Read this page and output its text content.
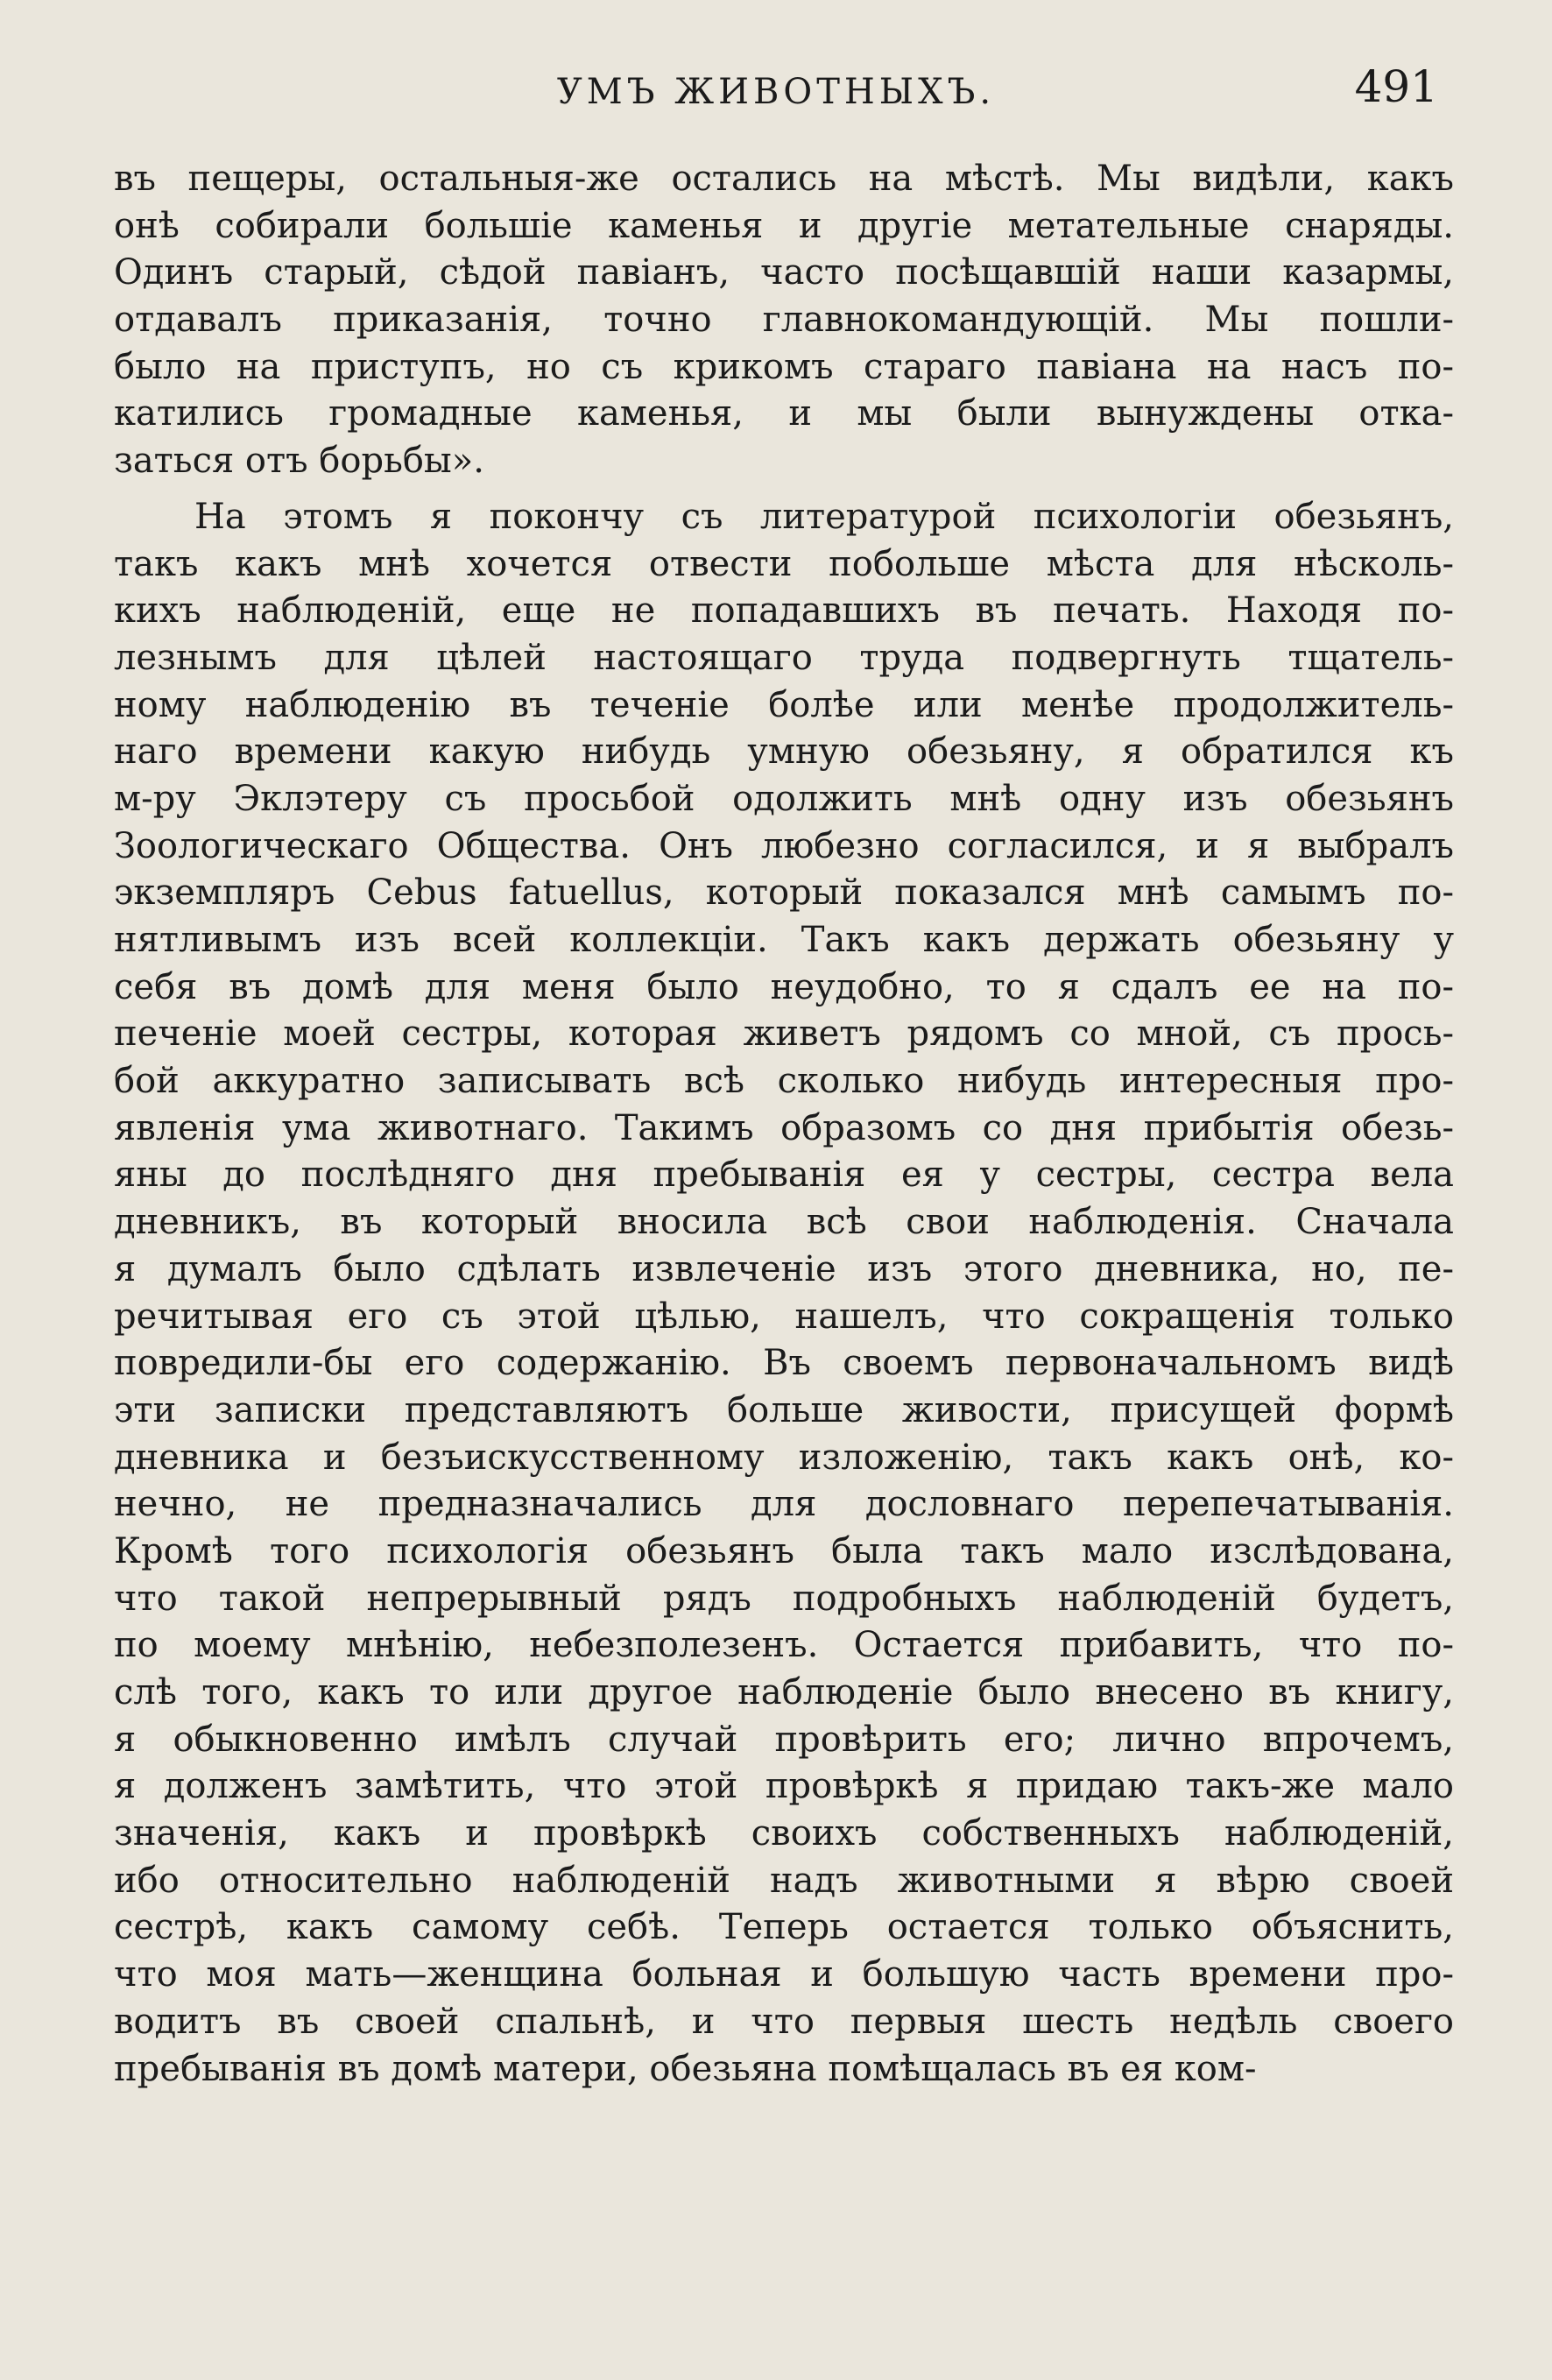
УМЪ ЖИВОТНЫХЪ.	491
въ пещеры, остальныя-же остались на мѣстѣ. Мы видѣли, какъ
онѣ собирали большіе каменья и другіе метательные снаряды.
Одинъ старый, сѣдой павіанъ, часто посѣщавшій наши казармы,
отдавалъ приказанія, точно главнокомандующій. Мы пошли-
было на приступъ, но съ крикомъ стараго павіана на насъ по-
катились громадные каменья, и мы были вынуждены отка-
заться отъ борьбы».
На этомъ я покончу съ литературой психологіи обезьянъ,
такъ какъ мнѣ хочется отвести побольше мѣста для нѣсколь-
кихъ наблюденій, еще не попадавшихъ въ печать. Находя по-
лезнымъ для цѣлей настоящаго труда подвергнуть тщатель-
ному наблюденію въ теченіе болѣе или менѣе продолжитель-
наго времени какую нибудь умную обезьяну, я обратился къ
м-ру Эклэтеру съ просьбой одолжить мнѣ одну изъ обезьянъ
Зоологическаго Общества. Онъ любезно согласился, и я выбралъ
экземпляръ Cebus fatuellus, который показался мнѣ самымъ по-
нятливымъ изъ всей коллекціи. Такъ какъ держать обезьяну у
себя въ домѣ для меня было неудобно, то я сдалъ ее на по-
печеніе моей сестры, которая живетъ рядомъ со мной, съ прось-
бой аккуратно записывать всѣ сколько нибудь интересныя про-
явленія ума животнаго. Такимъ образомъ со дня прибытія обезь-
яны до послѣдняго дня пребыванія ея у сестры, сестра вела
дневникъ, въ который вносила всѣ свои наблюденія. Сначала
я думалъ было сдѣлать извлеченіе изъ этого дневника, но, пе-
речитывая его съ этой цѣлью, нашелъ, что сокращенія только
повредили-бы его содержанію. Въ своемъ первоначальномъ видѣ
эти записки представляютъ больше живости, присущей формѣ
дневника и безъискусственному изложенію, такъ какъ онѣ, ко-
нечно, не предназначались для дословнаго перепечатыванія.
Кромѣ того психологія обезьянъ была такъ мало изслѣдована,
что такой непрерывный рядъ подробныхъ наблюденій будетъ,
по моему мнѣнію, небезполезенъ. Остается прибавить, что по-
слѣ того, какъ то или другое наблюденіе было внесено въ книгу,
я обыкновенно имѣлъ случай провѣрить его; лично впрочемъ,
я долженъ замѣтить, что этой провѣркѣ я придаю такъ-же мало
значенія, какъ и провѣркѣ своихъ собственныхъ наблюденій,
ибо относительно наблюденій надъ животными я вѣрю своей
сестрѣ, какъ самому себѣ. Теперь остается только объяснить,
что моя мать—женщина больная и большую часть времени про-
водитъ въ своей спальнѣ, и что первыя шесть недѣль своего
пребыванія въ домѣ матери, обезьяна помѣщалась въ ея ком-
